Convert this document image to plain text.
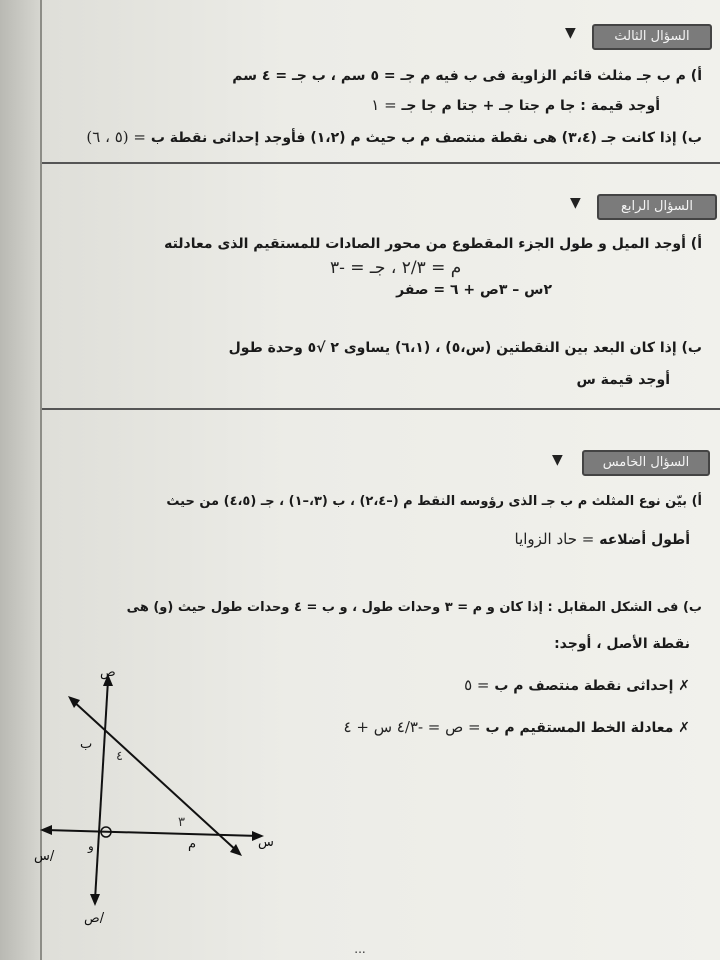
▼	السؤال الثالث
أ) م ب جـ مثلث قائم الزاوية فى ب فيه م جـ = ٥ سم ، ب جـ = ٤ سم
أوجد قيمة : جا م جتا جـ + جتا م جا جـ = ١
ب) إذا كانت جـ (٣،٤) هى نقطة منتصف م ب حيث م (١،٢) فأوجد إحداثى نقطة ب = (٥ ، ٦)
▼	السؤال الرابع
أ) أوجد الميل و طول الجزء المقطوع من محور الصادات للمستقيم الذى معادلته
م = ٢/٣ ، جـ = -٣
٢س – ٣ص + ٦ = صفر
ب) إذا كان البعد بين النقطتين (س،٥) ، (٦،١) يساوى ٢ √٥ وحدة طول
أوجد قيمة س
▼	السؤال الخامس
أ) بيّن نوع المثلث م ب جـ الذى رؤوسه النقط م (–٢،٤) ، ب (٣،–١) ، جـ (٤،٥) من حيث
أطول أضلاعه = حاد الزوايا
ب) فى الشكل المقابل : إذا كان و م = ٣ وحدات طول ، و ب = ٤ وحدات طول حيث (و) هى
نقطة الأصل ، أوجد:
✗ إحداثى نقطة منتصف م ب = ٥
✗ معادلة الخط المستقيم م ب = ص = -٤/٣ س + ٤
ص
س
س/
ص/
و
ب
م
٤
٣
...
